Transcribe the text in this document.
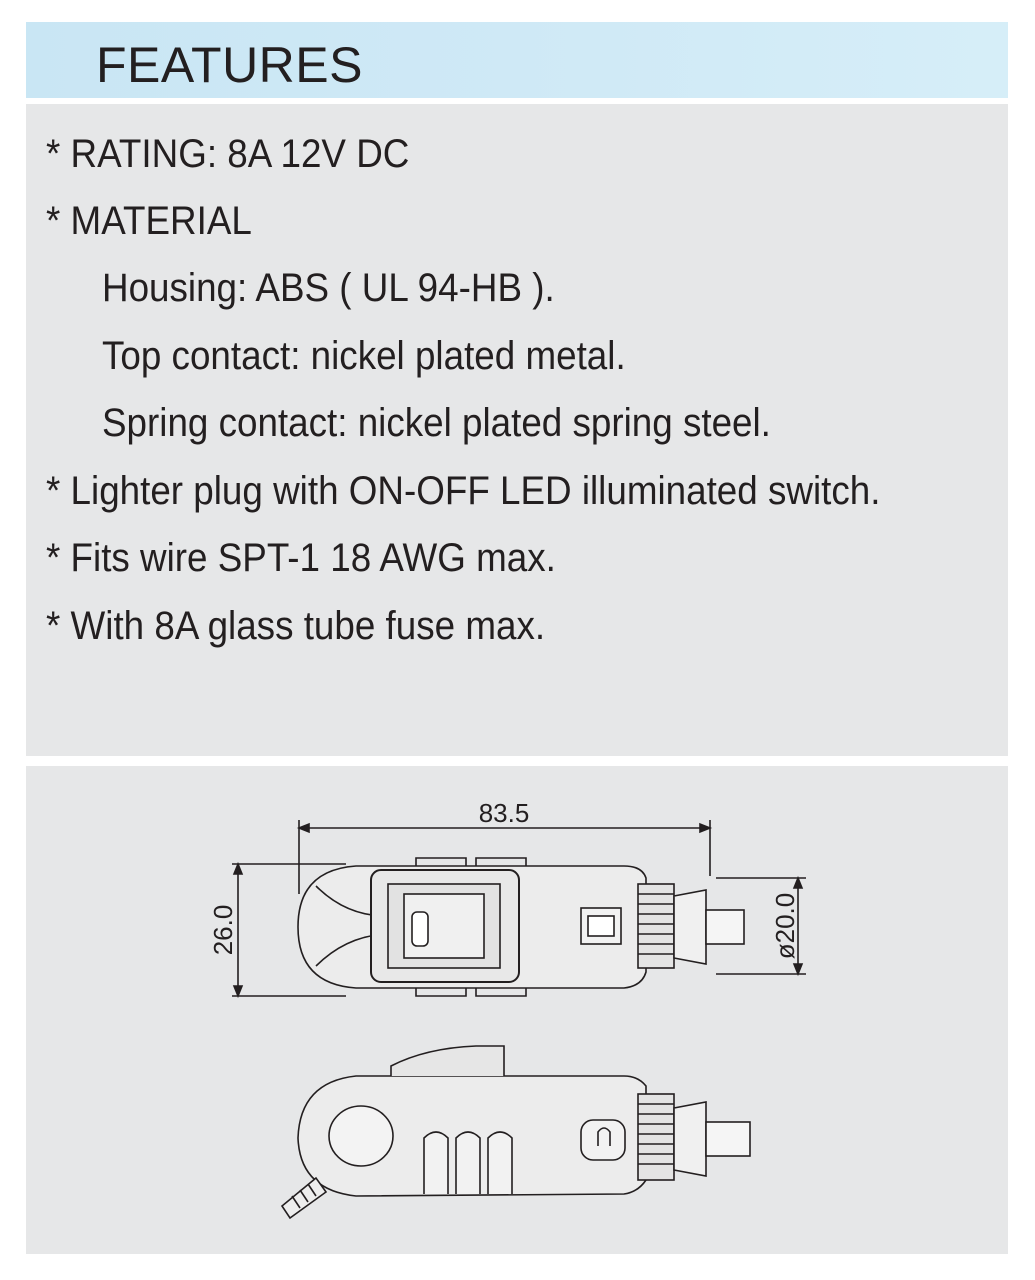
FEATURES
* RATING: 8A 12V DC
* MATERIAL
Housing: ABS ( UL 94-HB ).
Top contact: nickel plated metal.
Spring contact: nickel plated spring steel.
* Lighter plug with ON-OFF LED illuminated switch.
* Fits wire SPT-1 18 AWG max.
* With 8A glass tube fuse max.
83.5
26.0	ø20.0
